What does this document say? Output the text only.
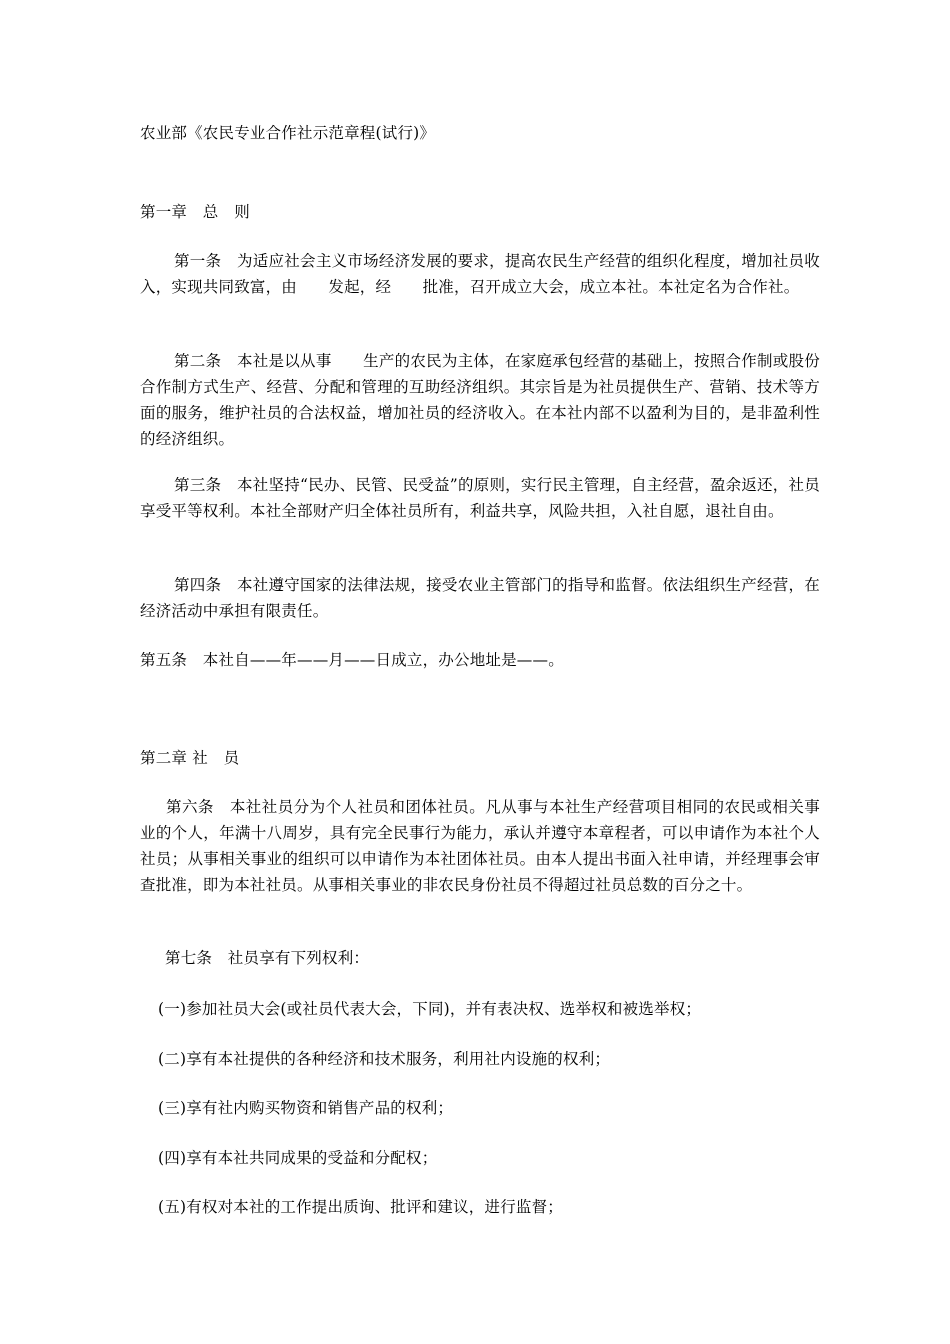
农业部《农民专业合作社示范章程(试行)》
第一章　总　则
第一条　为适应社会主义市场经济发展的要求，提高农民生产经营的组织化程度，增加社员收入，实现共同致富，由　　发起，经　　批准，召开成立大会，成立本社。本社定名为合作社。
第二条　本社是以从事　　生产的农民为主体，在家庭承包经营的基础上，按照合作制或股份合作制方式生产、经营、分配和管理的互助经济组织。其宗旨是为社员提供生产、营销、技术等方面的服务，维护社员的合法权益，增加社员的经济收入。在本社内部不以盈利为目的，是非盈利性的经济组织。
第三条　本社坚持“民办、民管、民受益”的原则，实行民主管理，自主经营，盈余返还，社员享受平等权利。本社全部财产归全体社员所有，利益共享，风险共担，入社自愿，退社自由。
第四条　本社遵守国家的法律法规，接受农业主管部门的指导和监督。依法组织生产经营，在经济活动中承担有限责任。
第五条　本社自——年——月——日成立，办公地址是——。
第二章 社　员
第六条　本社社员分为个人社员和团体社员。凡从事与本社生产经营项目相同的农民或相关事业的个人，年满十八周岁，具有完全民事行为能力，承认并遵守本章程者，可以申请作为本社个人社员；从事相关事业的组织可以申请作为本社团体社员。由本人提出书面入社申请，并经理事会审查批准，即为本社社员。从事相关事业的非农民身份社员不得超过社员总数的百分之十。
第七条　社员享有下列权利：
(一)参加社员大会(或社员代表大会，下同)，并有表决权、选举权和被选举权；
(二)享有本社提供的各种经济和技术服务，利用社内设施的权利；
(三)享有社内购买物资和销售产品的权利；
(四)享有本社共同成果的受益和分配权；
(五)有权对本社的工作提出质询、批评和建议，进行监督；
